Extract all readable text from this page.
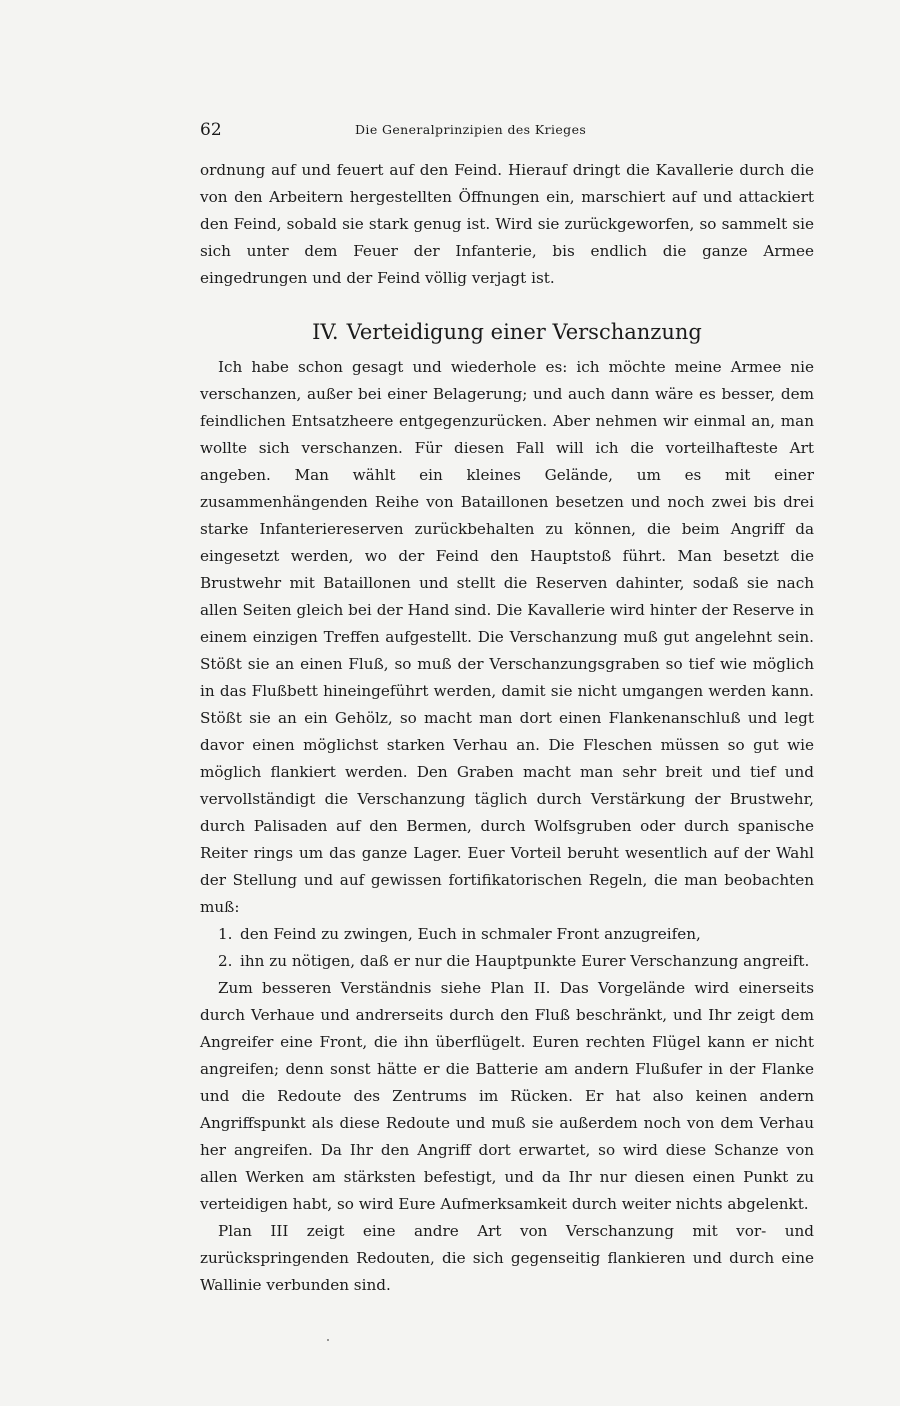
62	Die Generalprinzipien des Krieges

ordnung auf und feuert auf den Feind. Hierauf dringt die Kavallerie durch die von den Arbeitern hergestellten Öffnungen ein, marschiert auf und attackiert den Feind, sobald sie stark genug ist. Wird sie zurückgeworfen, so sammelt sie sich unter dem Feuer der Infanterie, bis endlich die ganze Armee eingedrungen und der Feind völlig verjagt ist.

IV. Verteidigung einer Verschanzung

Ich habe schon gesagt und wiederhole es: ich möchte meine Armee nie verschanzen, außer bei einer Belagerung; und auch dann wäre es besser, dem feindlichen Entsatzheere entgegenzurücken. Aber nehmen wir einmal an, man wollte sich verschanzen. Für diesen Fall will ich die vorteilhafteste Art angeben. Man wählt ein kleines Gelände, um es mit einer zusammenhängenden Reihe von Bataillonen besetzen und noch zwei bis drei starke Infanteriereserven zurückbehalten zu können, die beim Angriff da eingesetzt werden, wo der Feind den Hauptstoß führt. Man besetzt die Brustwehr mit Bataillonen und stellt die Reserven dahinter, sodaß sie nach allen Seiten gleich bei der Hand sind. Die Kavallerie wird hinter der Reserve in einem einzigen Treffen aufgestellt. Die Verschanzung muß gut angelehnt sein. Stößt sie an einen Fluß, so muß der Verschanzungsgraben so tief wie möglich in das Flußbett hineingeführt werden, damit sie nicht umgangen werden kann. Stößt sie an ein Gehölz, so macht man dort einen Flankenanschluß und legt davor einen möglichst starken Verhau an. Die Fleschen müssen so gut wie möglich flankiert werden. Den Graben macht man sehr breit und tief und vervollständigt die Verschanzung täglich durch Verstärkung der Brustwehr, durch Palisaden auf den Bermen, durch Wolfsgruben oder durch spanische Reiter rings um das ganze Lager. Euer Vorteil beruht wesentlich auf der Wahl der Stellung und auf gewissen fortifikatorischen Regeln, die man beobachten muß:

1. den Feind zu zwingen, Euch in schmaler Front anzugreifen,

2. ihn zu nötigen, daß er nur die Hauptpunkte Eurer Verschanzung angreift.

Zum besseren Verständnis siehe Plan II. Das Vorgelände wird einerseits durch Verhaue und andrerseits durch den Fluß beschränkt, und Ihr zeigt dem Angreifer eine Front, die ihn überflügelt. Euren rechten Flügel kann er nicht angreifen; denn sonst hätte er die Batterie am andern Flußufer in der Flanke und die Redoute des Zentrums im Rücken. Er hat also keinen andern Angriffspunkt als diese Redoute und muß sie außerdem noch von dem Verhau her angreifen. Da Ihr den Angriff dort erwartet, so wird diese Schanze von allen Werken am stärksten befestigt, und da Ihr nur diesen einen Punkt zu verteidigen habt, so wird Eure Aufmerksamkeit durch weiter nichts abgelenkt.

Plan III zeigt eine andre Art von Verschanzung mit vor- und zurückspringenden Redouten, die sich gegenseitig flankieren und durch eine Wallinie verbunden sind.
